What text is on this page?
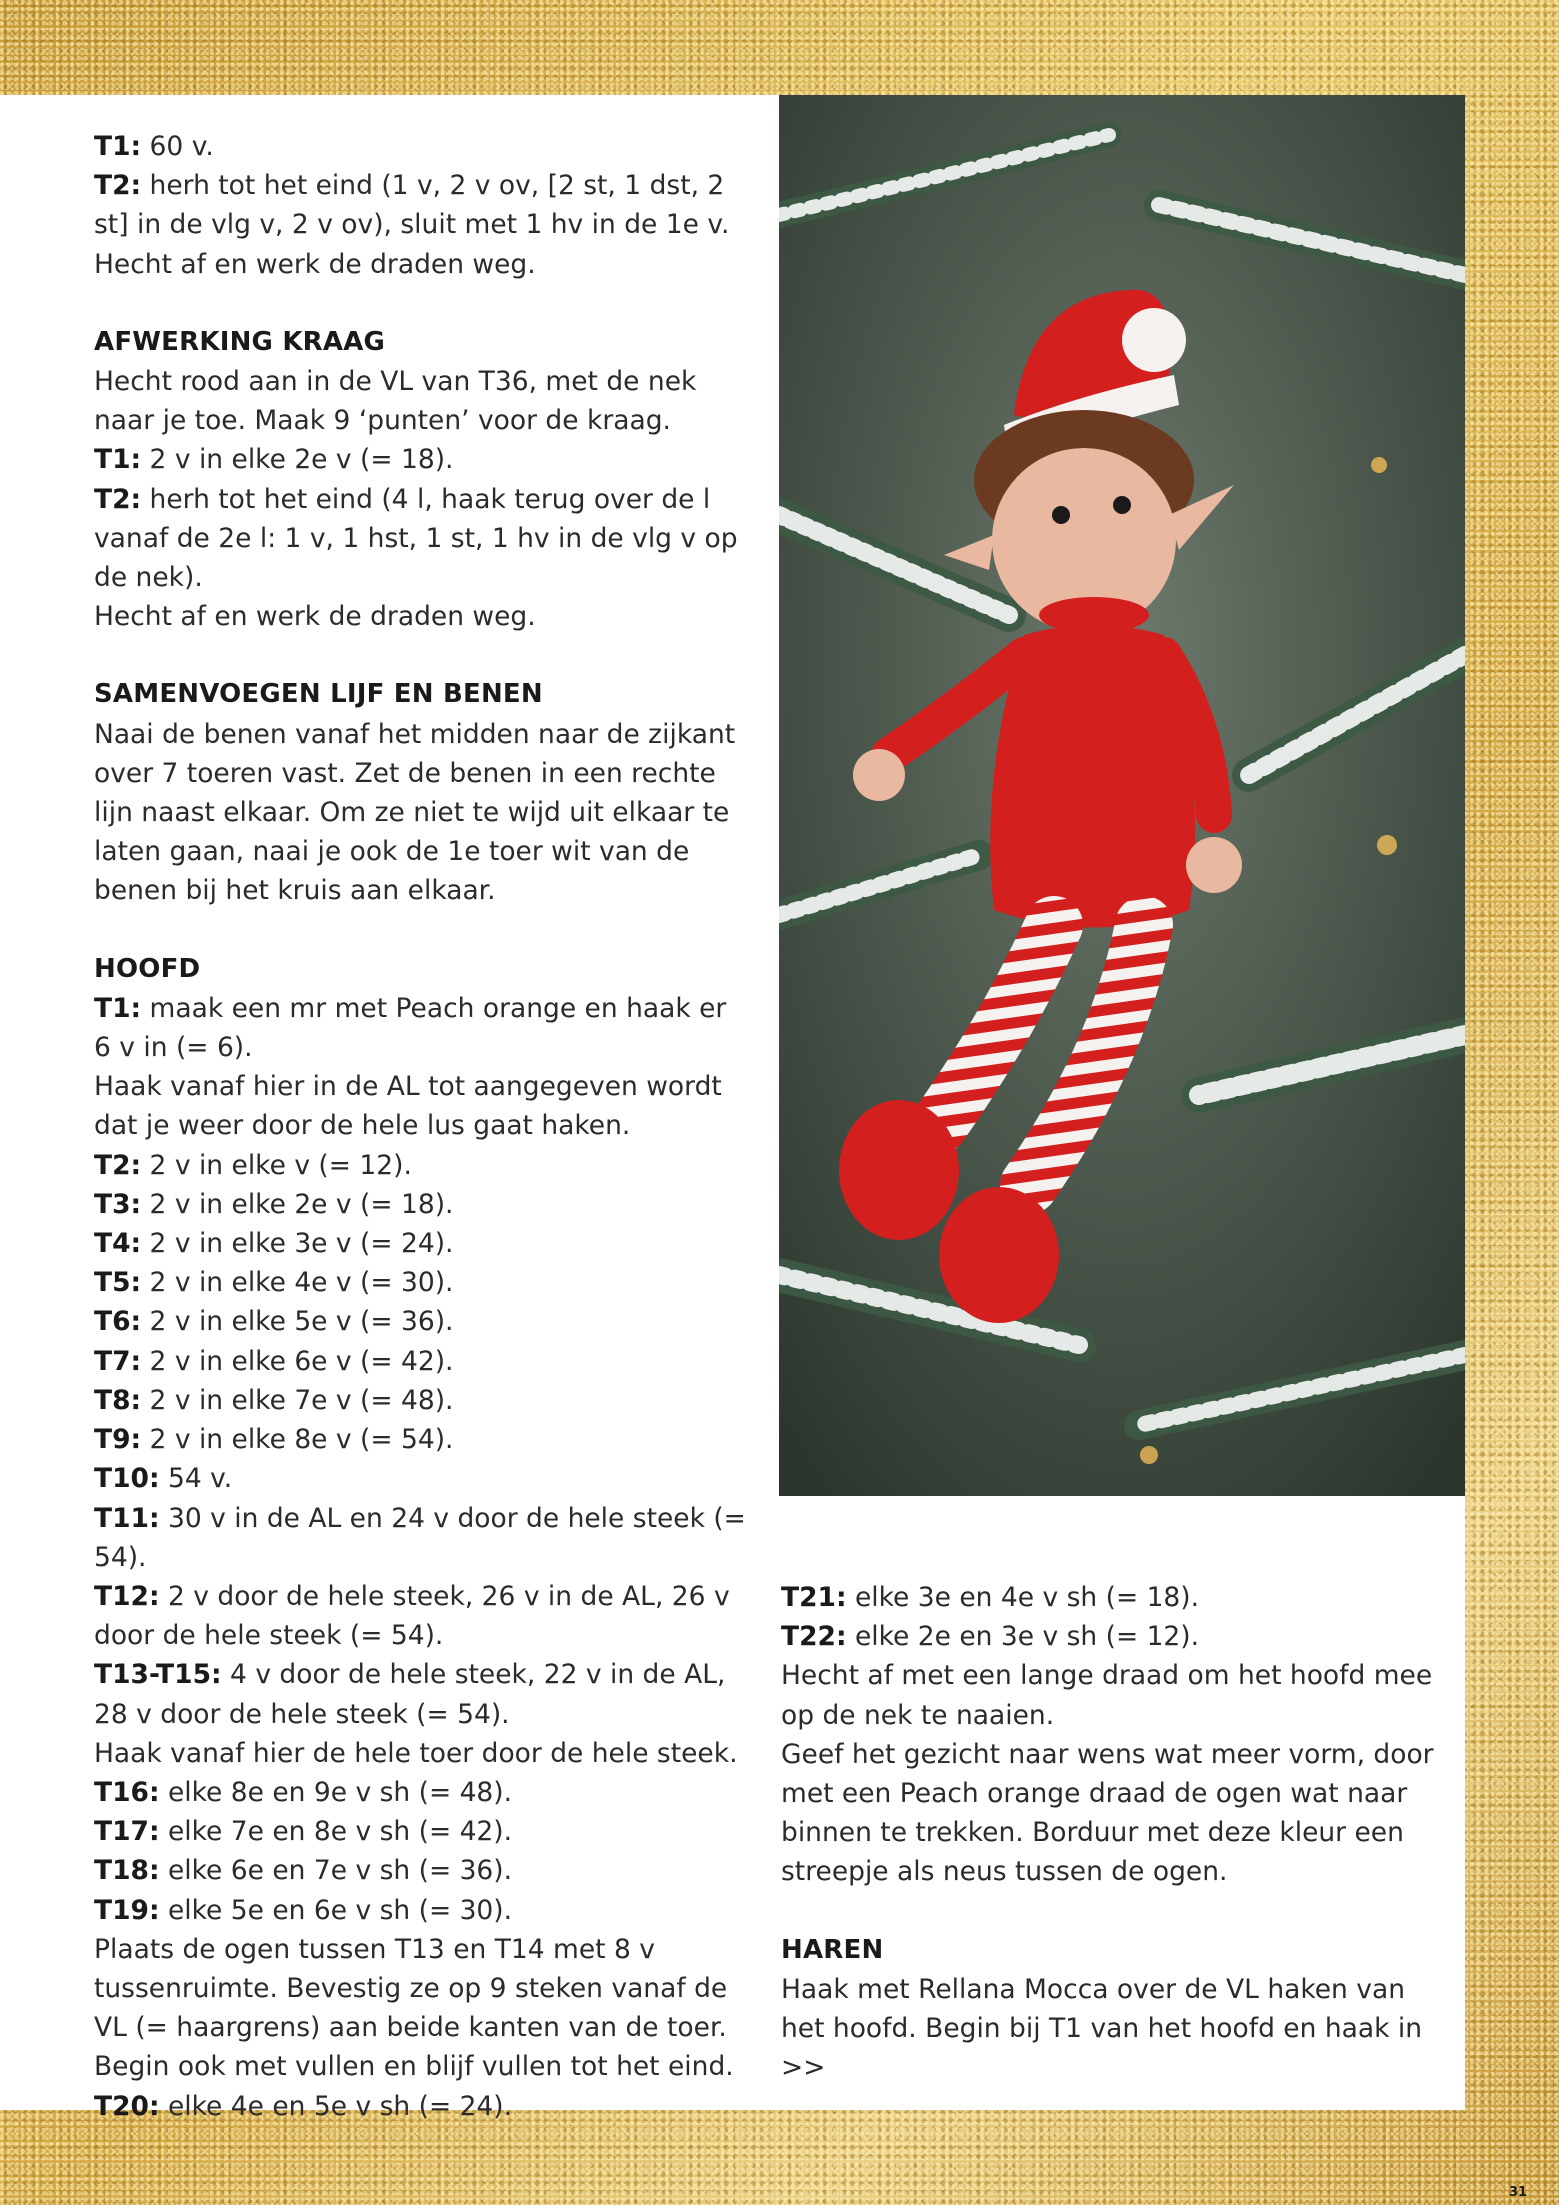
T1: 60 v.

T2: herh tot het eind (1 v, 2 v ov, [2 st, 1 dst, 2 st] in de vlg v, 2 v ov), sluit met 1 hv in de 1e v.

Hecht af en werk de draden weg.

AFWERKING KRAAG

Hecht rood aan in de VL van T36, met de nek naar je toe. Maak 9 ‘punten’ voor de kraag.

T1: 2 v in elke 2e v (= 18).

T2: herh tot het eind (4 l, haak terug over de l vanaf de 2e l: 1 v, 1 hst, 1 st, 1 hv in de vlg v op de nek).

Hecht af en werk de draden weg.

SAMENVOEGEN LIJF EN BENEN

Naai de benen vanaf het midden naar de zijkant over 7 toeren vast. Zet de benen in een rechte lijn naast elkaar. Om ze niet te wijd uit elkaar te laten gaan, naai je ook de 1e toer wit van de benen bij het kruis aan elkaar.

HOOFD

T1: maak een mr met Peach orange en haak er 6 v in (= 6).

Haak vanaf hier in de AL tot aangegeven wordt dat je weer door de hele lus gaat haken.

T2: 2 v in elke v (= 12).

T3: 2 v in elke 2e v (= 18).

T4: 2 v in elke 3e v (= 24).

T5: 2 v in elke 4e v (= 30).

T6: 2 v in elke 5e v (= 36).

T7: 2 v in elke 6e v (= 42).

T8: 2 v in elke 7e v (= 48).

T9: 2 v in elke 8e v (= 54).

T10: 54 v.

T11: 30 v in de AL en 24 v door de hele steek (= 54).

T12: 2 v door de hele steek, 26 v in de AL, 26 v door de hele steek (= 54).

T13-T15: 4 v door de hele steek, 22 v in de AL, 28 v door de hele steek (= 54).

Haak vanaf hier de hele toer door de hele steek.

T16: elke 8e en 9e v sh (= 48).

T17: elke 7e en 8e v sh (= 42).

T18: elke 6e en 7e v sh (= 36).

T19: elke 5e en 6e v sh (= 30).

Plaats de ogen tussen T13 en T14 met 8 v tussenruimte. Bevestig ze op 9 steken vanaf de VL (= haargrens) aan beide kanten van de toer. Begin ook met vullen en blijf vullen tot het eind.

T20: elke 4e en 5e v sh (= 24).

T21: elke 3e en 4e v sh (= 18).

T22: elke 2e en 3e v sh (= 12).

Hecht af met een lange draad om het hoofd mee op de nek te naaien.

Geef het gezicht naar wens wat meer vorm, door met een Peach orange draad de ogen wat naar binnen te trekken. Borduur met deze kleur een streepje als neus tussen de ogen.

HAREN

Haak met Rellana Mocca over de VL haken van het hoofd. Begin bij T1 van het hoofd en haak in >>

31
